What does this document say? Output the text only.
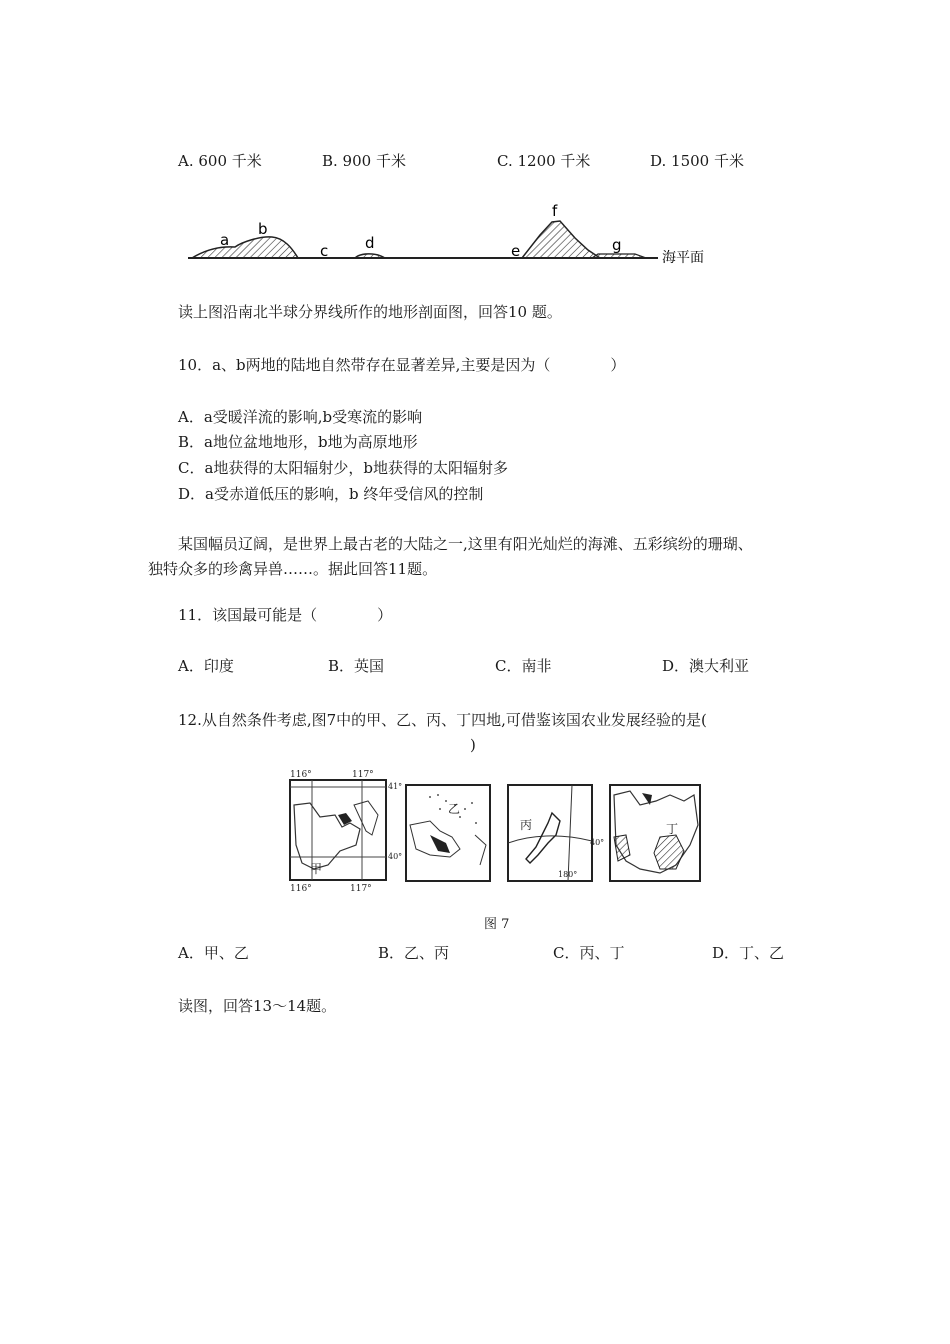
A. 600 千米	B. 900 千米	C. 1200 千米	D. 1500 千米
a
b
c d	e
f
g
海平面
读上图沿南北半球分界线所作的地形剖面图，回答10 题。
10．a、b两地的陆地自然带存在显著差异,主要是因为（　　　　）
A．a受暖洋流的影响,b受寒流的影响
B．a地位盆地地形，b地为高原地形
C．a地获得的太阳辐射少，b地获得的太阳辐射多
D．a受赤道低压的影响，b 终年受信风的控制
某国幅员辽阔，是世界上最古老的大陆之一,这里有阳光灿烂的海滩、五彩缤纷的珊瑚、
独特众多的珍禽异兽……。据此回答11题。
11．该国最可能是（　　　　）
A．印度	B．英国	C．南非	D．澳大利亚
12.从自然条件考虑,图7中的甲、乙、丙、丁四地,可借鉴该国农业发展经验的是(
)
116°	117°
41°
40°
甲
116°	117°
乙
丙
40°
180°
丁
图 7
A．甲、乙	B．乙、丙	C．丙、丁	D．丁、乙
读图，回答13～14题。
